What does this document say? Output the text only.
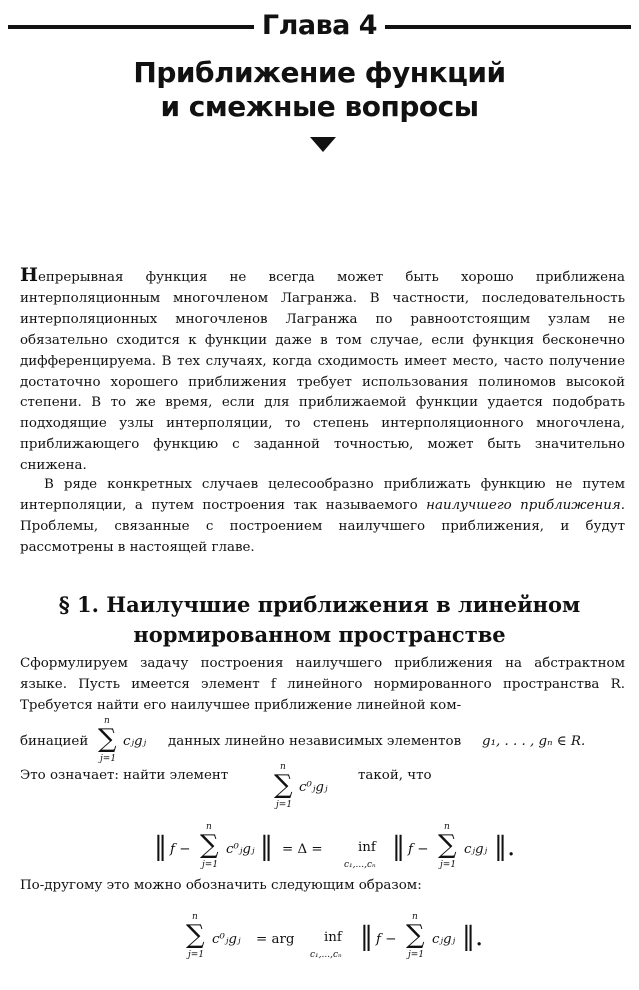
Глава 4
Приближение функций
и смежные вопросы

Непрерывная функция не всегда может быть хорошо приближена интерполяционным многочленом Лагранжа. В частности, последовательность интерполяционных многочленов Лагранжа по равноотстоящим узлам не обязательно сходится к функции даже в том случае, если функция бесконечно дифференцируема. В тех случаях, когда сходимость имеет место, часто получение достаточно хорошего приближения требует использования полиномов высокой степени. В то же время, если для приближаемой функции удается подобрать подходящие узлы интерполяции, то степень интерполяционного многочлена, приближающего функцию с заданной точностью, может быть значительно снижена.

В ряде конкретных случаев целесообразно приближать функцию не путем интерполяции, а путем построения так называемого наилучшего приближения. Проблемы, связанные с построением наилучшего приближения, и будут рассмотрены в настоящей главе.

§ 1. Наилучшие приближения в линейном
нормированном пространстве

Сформулируем задачу построения наилучшего приближения на абстрактном языке. Пусть имеется элемент f линейного нормированного пространства R. Требуется найти его наилучшее приближение линейной ком-

бинацией
n
∑
j=1
cⱼgⱼ данных линейно независимых элементов g₁, . . . , gₙ ∈ R.
Это означает: найти элемент
n
∑
j=1
c⁰ⱼgⱼ
такой, что
‖ f −
n
∑
j=1
c⁰ⱼgⱼ ‖ = Δ =	inf
c₁,...,cₙ
‖ f −
n
∑
j=1
cⱼgⱼ ‖.

По-другому это можно обозначить следующим образом:

n
∑
j=1
c⁰ⱼgⱼ = arg inf
c₁,...,cₙ
‖ f −
n
∑
j=1
cⱼgⱼ ‖.
